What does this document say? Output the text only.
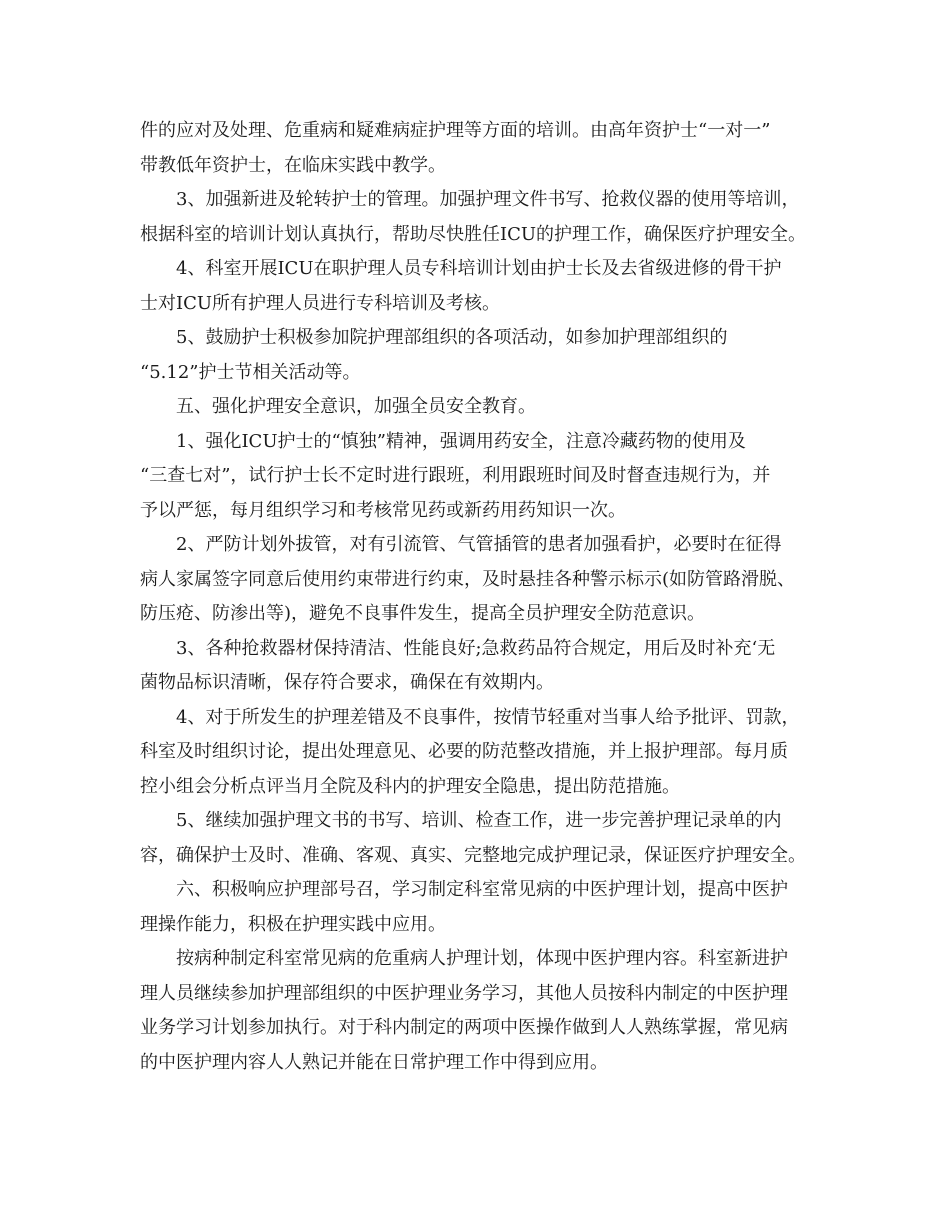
件的应对及处理、危重病和疑难病症护理等方面的培训。由高年资护士“一对一”
带教低年资护士，在临床实践中教学。
3、加强新进及轮转护士的管理。加强护理文件书写、抢救仪器的使用等培训，
根据科室的培训计划认真执行，帮助尽快胜任ICU的护理工作，确保医疗护理安全。
4、科室开展ICU在职护理人员专科培训计划由护士长及去省级进修的骨干护
士对ICU所有护理人员进行专科培训及考核。
5、鼓励护士积极参加院护理部组织的各项活动，如参加护理部组织的
“5.12”护士节相关活动等。
五、强化护理安全意识，加强全员安全教育。
1、强化ICU护士的“慎独”精神，强调用药安全，注意冷藏药物的使用及
“三查七对”，试行护士长不定时进行跟班，利用跟班时间及时督查违规行为，并
予以严惩，每月组织学习和考核常见药或新药用药知识一次。
2、严防计划外拔管，对有引流管、气管插管的患者加强看护，必要时在征得
病人家属签字同意后使用约束带进行约束，及时悬挂各种警示标示(如防管路滑脱、
防压疮、防渗出等)，避免不良事件发生，提高全员护理安全防范意识。
3、各种抢救器材保持清洁、性能良好;急救药品符合规定，用后及时补充‘无
菌物品标识清晰，保存符合要求，确保在有效期内。
4、对于所发生的护理差错及不良事件，按情节轻重对当事人给予批评、罚款，
科室及时组织讨论，提出处理意见、必要的防范整改措施，并上报护理部。每月质
控小组会分析点评当月全院及科内的护理安全隐患，提出防范措施。
5、继续加强护理文书的书写、培训、检查工作，进一步完善护理记录单的内
容，确保护士及时、准确、客观、真实、完整地完成护理记录，保证医疗护理安全。
六、积极响应护理部号召，学习制定科室常见病的中医护理计划，提高中医护
理操作能力，积极在护理实践中应用。
按病种制定科室常见病的危重病人护理计划，体现中医护理内容。科室新进护
理人员继续参加护理部组织的中医护理业务学习，其他人员按科内制定的中医护理
业务学习计划参加执行。对于科内制定的两项中医操作做到人人熟练掌握，常见病
的中医护理内容人人熟记并能在日常护理工作中得到应用。
